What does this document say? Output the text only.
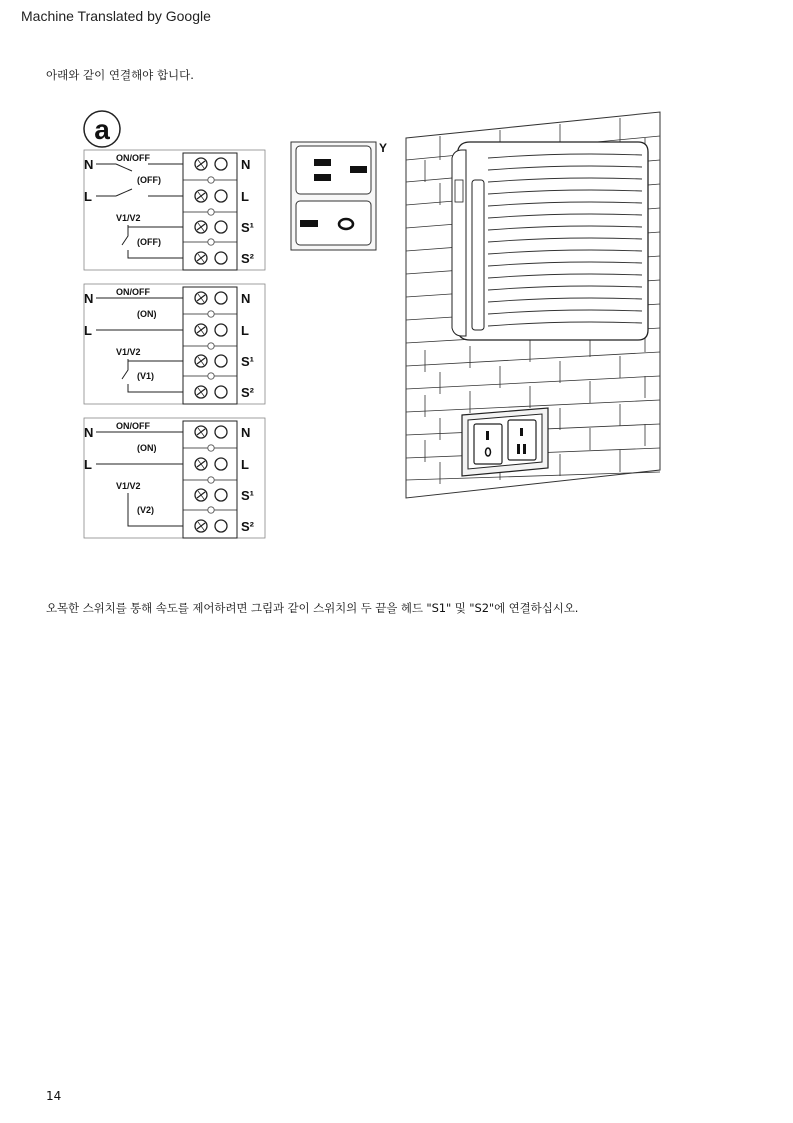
Machine Translated by Google
아래와 같이 연결해야 합니다.
a
N
L
ON/OFF
(OFF)
V1/V2
(OFF)
N
L
S¹
S²
N
L
ON/OFF
(ON)
V1/V2
(V1)
N
L
S¹
S²
N
L
ON/OFF
(ON)
V1/V2
(V2)
N
L
S¹
S²
Y
오목한 스위치를 통해 속도를 제어하려면 그림과 같이 스위치의 두 끝을 헤드 "S1" 및 "S2"에 연결하십시오.
14
